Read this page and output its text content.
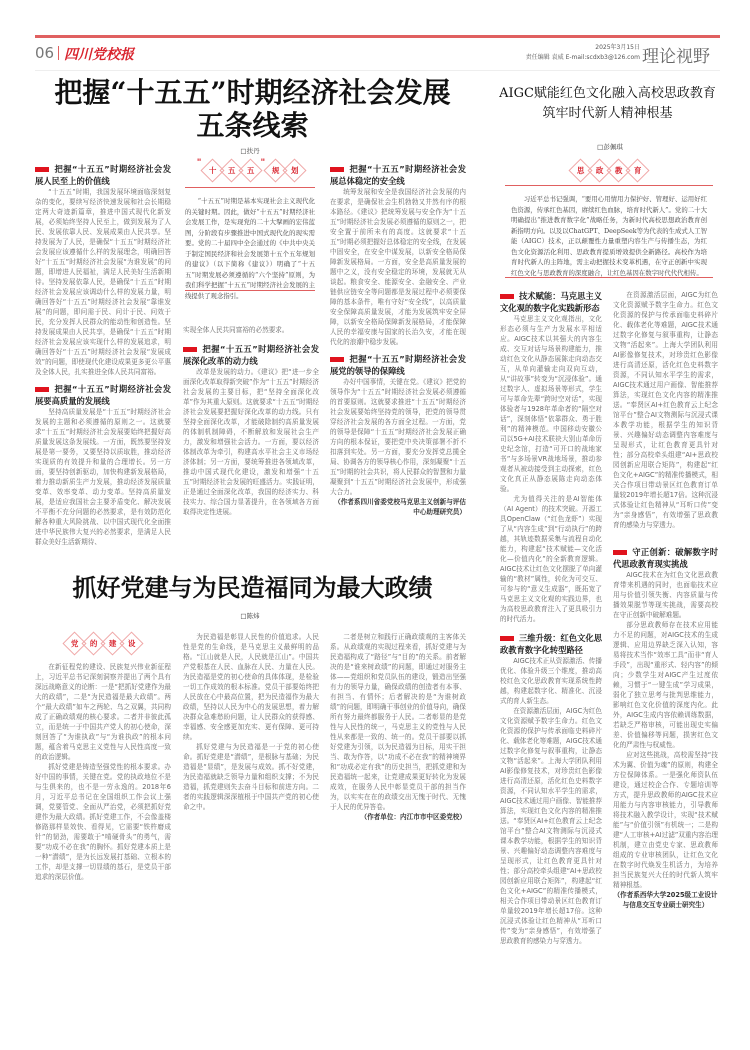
06 四川党校报	2025年3月15日
责任编辑 袁威 E-mail:scdxb3@126.com 理论视野
把握“十五五”时期经济社会发展
五条线索
□扶丹

把握“十五五”时期经济社会发展人民至上的价值线

“十五五”时期，我国发展环境面临深刻复杂的变化，要续写经济快速发展和社会长期稳定两大奇迹新篇章，推进中国式现代化新发展，必须始终坚持人民至上，做到发展为了人民、发展依靠人民、发展成果由人民共享。坚持发展为了人民，是确保“十五五”时期经济社会发展应该遵循什么样的发展理念，明确回答好“十五五”时期经济社会发展“为谁发展”的问题，即增进人民福祉，满足人民美好生活新期待。坚持发展依靠人民，是确保“十五五”时期经济社会发展应该调动什么样的发展力量，明确回答好“十五五”时期经济社会发展“靠谁发展”的问题，即问需于民、问计于民、问效于民，充分发挥人民群众的能动性和创造性。坚持发展成果由人民共享，是确保“十五五”时期经济社会发展应该实现什么样的发展追求，明确回答好“十五五”时期经济社会发展“发展成效”的问题，即使现代化建设成果更多更公平惠及全体人民，扎实推进全体人民共同富裕。

把握“十五五”时期经济社会发展要高质量的发展线

坚持高质量发展是“十五五”时期经济社会发展的主题和必须遵循的原则之一。这就要求“十五五”时期经济社会发展要始终把握好高质量发展这条发展线。一方面，既然要坚持发展是第一要务，又要坚持以质取胜，推动经济实现质的有效提升和量的合理增长。另一方面，要坚持创新驱动，加快构建新发展格局，着力推动新质生产力发展，推动经济发展质量变革、效率变革、动力变革。坚持高质量发展，是适应我国社会主要矛盾变化、解决发展不平衡不充分问题的必然要求，是有效防范化解各种重大风险挑战、以中国式现代化全面推进中华民族伟大复兴的必然要求，是满足人民群众美好生活新期待、

"
十 五 五
"
规 划
“十五五”时期是基本实现社会主义现代化的关键时期。因此，做好“十五五”时期经济社会发展工作，是实现党的二十大擘画的宏伟蓝图，分阶段有步骤推进中国式现代化的现实需要。党的二十届四中全会通过的《中共中央关于制定国民经济和社会发展第十五个五年规划的建议》（以下简称《建议》）明确了“十五五”时期发展必须遵循的“六个坚持”原则，为我们科学把握“十五五”时期经济社会发展的主线提供了观念指引。

实现全体人民共同富裕的必然要求。

把握“十五五”时期经济社会发展深化改革的动力线

改革是发展的动力。《建议》把“进一步全面深化改革取得新突破”作为“十五五”时期经济社会发展的主要目标，把“坚持全面深化改革”作为其重大原则。这就要求“十五五”时期经济社会发展要把握好深化改革的动力线。只有坚持全面深化改革，才能破除制约高质量发展的体制机制障碍，不断解放和发展社会生产力，激发和增强社会活力。一方面，要以经济体制改革为牵引，构建高水平社会主义市场经济体制；另一方面，要统筹推进各领域改革，推动中国式现代化建设，激发和增强“十五五”时期经济社会发展的旺盛活力。实践证明，正是通过全面深化改革，我国的经济实力、科技实力、综合国力显著提升，在各领域各方面取得决定性进展。

把握“十五五”时期经济社会发展总体稳定的安全线

统筹发展和安全是我国经济社会发展的内在要求，是确保社会生机勃勃又井然有序的根本路径。《建议》把统筹发展与安全作为“十五五”时期经济社会发展必须遵循的原则之一，把安全置于前所未有的高度。这就要求“十五五”时期必须把握好总体稳定的安全线，在发展中固安全，在安全中谋发展，以新安全格局保障新发展格局。一方面，安全是高质量发展的题中之义，没有安全稳定的环境，发展就无从谈起。粮食安全、能源安全、金融安全、产业链供应链安全等问题都是发展过程中必须要保障的基本条件，唯有守好“安全线”，以高质量安全保障高质量发展，才能为发展筑牢安全屏障，以新安全格局保障新发展格局，才能保障人民的幸福安康与国家的长治久安，才能在现代化的浪潮中稳步发展。

把握“十五五”时期经济社会发展党的领导的保障线

办好中国事情，关键在党。《建议》把党的领导作为“十五五”时期经济社会发展必须遵循的首要原则。这就要求推进“十五五”时期经济社会发展要始终坚持党的领导，把党的领导贯穿经济社会发展的各方面全过程。一方面，党的领导是保障“十五五”时期经济社会发展正确方向的根本保证，要把党中央决策部署不折不扣落到实处。另一方面，要充分发挥党总揽全局、协调各方的领导核心作用，深刻凝聚“十五五”时期的社会共识，将人民群众的智慧和力量凝聚到“十五五”时期经济社会发展中，形成强大合力。

（作者系四川省委党校马克思主义创新与评估中心助理研究员）

抓好党建与为民造福同为最大政绩
□陈炜
党 的 建 设

在新征程党的建设、民族复兴伟业新征程上，习近平总书记深刻洞察并提出了两个具有深远战略意义的论断：一是“把抓好党建作为最大的政绩”，二是“为民造福是最大政绩”。两个“最大政绩”如车之两轮、鸟之双翼，共同构成了正确政绩观的核心要求。二者并非彼此孤立，而是统一于中国共产党人的初心使命，深刻回答了“为谁执政”与“为谁执政”的根本问题，蕴含着马克思主义党性与人民性高度一致的政治逻辑。

抓好党建是铸造坚强党性的根本要求。办好中国的事情，关键在党。党的执政地位不是与生俱来的，也不是一劳永逸的。2018年6月，习近平总书记在全国组织工作会议上强调，党要管党、全面从严治党，必须把抓好党建作为最大政绩。抓好党建工作，不会像盖楼修路那样显效快、看得见，它需要“铁杵磨成针”的韧劲，需要敢于“啃硬骨头”的勇气，需要“功成不必在我”的胸怀。抓好党建本质上是一种“潜绩”，是为长远发展打基础、立根本的工作，却是支撑一切显绩的基石，是党员干部追求的深层价值。

为民造福是彰显人民性的价值追求。人民性是党的生命线，是马克思主义最鲜明的品格。“江山就是人民，人民就是江山”。中国共产党根基在人民、血脉在人民、力量在人民。为民造福是党的初心使命的具体体现，是检验一切工作成效的根本标准。党员干部要始终把人民放在心中最高位置，把为民造福作为最大政绩，坚持以人民为中心的发展思想，着力解决群众急难愁盼问题，让人民群众的获得感、幸福感、安全感更加充实、更有保障、更可持续。

抓好党建与为民造福是一于党的初心使命。抓好党建是“潜绩”，是根脉与基础；为民造福是“显绩”，是发展与成效。抓不好党建，为民造福就缺乏领导力量和组织支撑；不为民造福，抓党建则失去奋斗目标和前进方向。二者的实践逻辑深深植根于中国共产党的初心使命之中。

二者是树立和践行正确政绩观的主客体关系。从政绩观的实现过程来看，抓好党建与为民造福构成了“路径”与“目的”的关系。前者解决的是“谁来树政绩”的问题，即通过对服务主体——党组织和党员队伍的建设，锻造出坚强有力的领导力量，确保政绩的创造者有本事、有担当、有情怀；后者解决的是“为谁树政绩”的问题，即明确干事创业的价值导向，确保所有努力最终都服务于人民。二者彰显的是党性与人民性的统一，马克思主义的党性与人民性从来都是一致的、统一的。党员干部要以抓好党建为引领，以为民造福为目标，用实干担当、敢为作答，以“功成不必在我”的精神境界和“功成必定有我”的历史担当，把抓党建和为民造福统一起来，让党建成果更好转化为发展成效，在服务人民中彰显党员干部的担当作为，以实实在在的政绩交出无愧于时代、无愧于人民的优异答卷。

（作者单位：内江市市中区委党校）

AIGC赋能红色文化融入高校思政教育
筑牢时代新人精神根基
□彭佩琪
思 政 教 育
习近平总书记强调，“要用心用情用力保护好、管理好、运用好红色资源，传承红色基因，赓续红色血脉，培育时代新人”。党的二十大明确提出“推进教育数字化”战略任务，为新时代高校思想政治教育创新指明方向。以及以ChatGPT、DeepSeek等为代表的生成式人工智能（AIGC）技术，正以颠覆性力量重塑内容生产与传播生态，为红色文化资源活化利用、思政教育提质增效提供全新路径。高校作为培育时代新人的主阵地，需主动把握技术变革机遇，在守正创新中实现红色文化与思政教育的深度融合，让红色基因在数字时代代代相传。

技术赋能：马克思主义文化观的数字化实践新形态

马克思主义文化观指出，文化形态必须与生产力发展水平相适应。AIGC技术以其强大的内容生成、交互对话与场景构建能力，推动红色文化从静态展陈走向动态交互，从单向灌输走向双向互动，从“讲故事”转变为“沉浸体验”。通过数字人、虚拟场景等形式，学生可与革命先辈“跨时空对话”，实现体验者与1928年革命者的“隔空对话”，深刻体悟“依靠群众、勇于胜利”的精神模范。中国移动安徽公司以5G+AI技术联袂大别山革命历史纪念馆，打造“可开口的战地家书”与多场景VR战地场景，推动参观者从被动接受到主动探索，红色文化真正从静态展陈走向动态体验。

尤为值得关注的是AI智能体（AI Agent）的技术突破。开源工具OpenClaw（“红色龙虾”）实现了从“内容生成”到“行动执行”的跨越，其轨迹数据采集与流程自动化能力，构建起“技术赋能—文化活化—价值内化”的全新教育逻辑。AIGC技术让红色文化摆脱了单向灌输的“教材”属性，转化为可交互、可参与的“意义生成器”，既拓宽了马克思主义文化观的实践边界，也为高校思政教育注入了更具吸引力的时代活力。

三维升级：红色文化思政教育数字化转型路径

AIGC技术正从资源激活、传播优化、体验升级三个维度，推动高校红色文化思政教育实现系统性跨越，构建起数字化、精准化、沉浸式的育人新生态。

在资源激活层面，AIGC为红色文化资源赋予数字生命力。红色文化资源的保护与传承面临史料碎片化、载体老化等难题，AIGC技术通过数字化修复与叙事重构，让静态文物“活起来”。上海大学团队利用AI影像修复技术，对珍贵红色影像进行高清还原，活化红色史料数字资源，不同认知水平学生的需求，AIGC技术通过用户画像、智能推荐算法，实现红色文化内容的精准推送。“奉贤区AI+红色教育云上纪念馆平台”整合AI文物测际与沉浸式课本教学功能，根据学生的知识背景、兴趣偏好动态调整内容难度与呈现形式，让红色教育更具针对性；部分高校牵头组建“AI+思政校园创新应用联合矩阵”，构建起“红色文化+AIGC”的精准传播模式，相关合作项目带动景区红色教育订单量较2019年增长超17倍。这种沉浸式体验让红色精神从“耳听口传”变为“亲身感悟”，有效增强了思政教育的感染力与穿透力。

在资源激活层面，AIGC为红色文化资源赋予数字生命力。红色文化资源的保护与传承面临史料碎片化、载体老化等难题，AIGC技术通过数字化修复与叙事重构，让静态文物“活起来”。上海大学团队利用AI影像修复技术，对珍贵红色影像进行高清还原，活化红色史料数字资源，不同认知水平学生的需求，AIGC技术通过用户画像、智能推荐算法，实现红色文化内容的精准推送。“奉贤区AI+红色教育云上纪念馆平台”整合AI文物测际与沉浸式课本教学功能，根据学生的知识背景、兴趣偏好动态调整内容难度与呈现形式，让红色教育更具针对性；部分高校牵头组建“AI+思政校园创新应用联合矩阵”，构建起“红色文化+AIGC”的精准传播模式，相关合作项目带动景区红色教育订单量较2019年增长超17倍。这种沉浸式体验让红色精神从“耳听口传”变为“亲身感悟”，有效增强了思政教育的感染力与穿透力。

守正创新：破解数字时代思政教育现实挑战

AIGC技术在为红色文化思政教育带来机遇的同时，也面临技术应用与价值引领失衡、内容质量与传播效果脱节等现实挑战，需要高校在守正创新中破解难题。

部分思政教师存在技术应用能力不足的问题，对AIGC技术的生成逻辑、应用边界缺乏深入认知，容易将技术当作“效率工具”而非“育人手段”，出现“重形式、轻内容”的倾向；少数学生对AIGC产生过度依赖，习惯于“一键生成”学习成果，弱化了独立思考与批判思维能力，影响红色文化价值的深度内化。此外，AIGC生成内容依赖训练数据，若缺乏严格审核，可能出现史实偏差、价值偏移等问题，损害红色文化的严肃性与权威性。

应对这些挑战，高校需坚持“技术为翼、价值为魂”的原则，构建全方位保障体系。一是强化师资队伍建设，通过校企合作、专题培训等方式，提升思政教师的AIGC技术应用能力与内容审核能力，引导教师将技术融入教学设计，实现“技术赋能”与“价值引领”有机统一；二是构建“人工审核+AI过滤”双重内容治理机制，建立由党史专家、思政教师组成的专业审核团队，让红色文化在数字时代焕发生机活力，为培养担当民族复兴大任的时代新人筑牢精神根基。

（作者系西华大学2025级工业设计与信息交互专业硕士研究生）
